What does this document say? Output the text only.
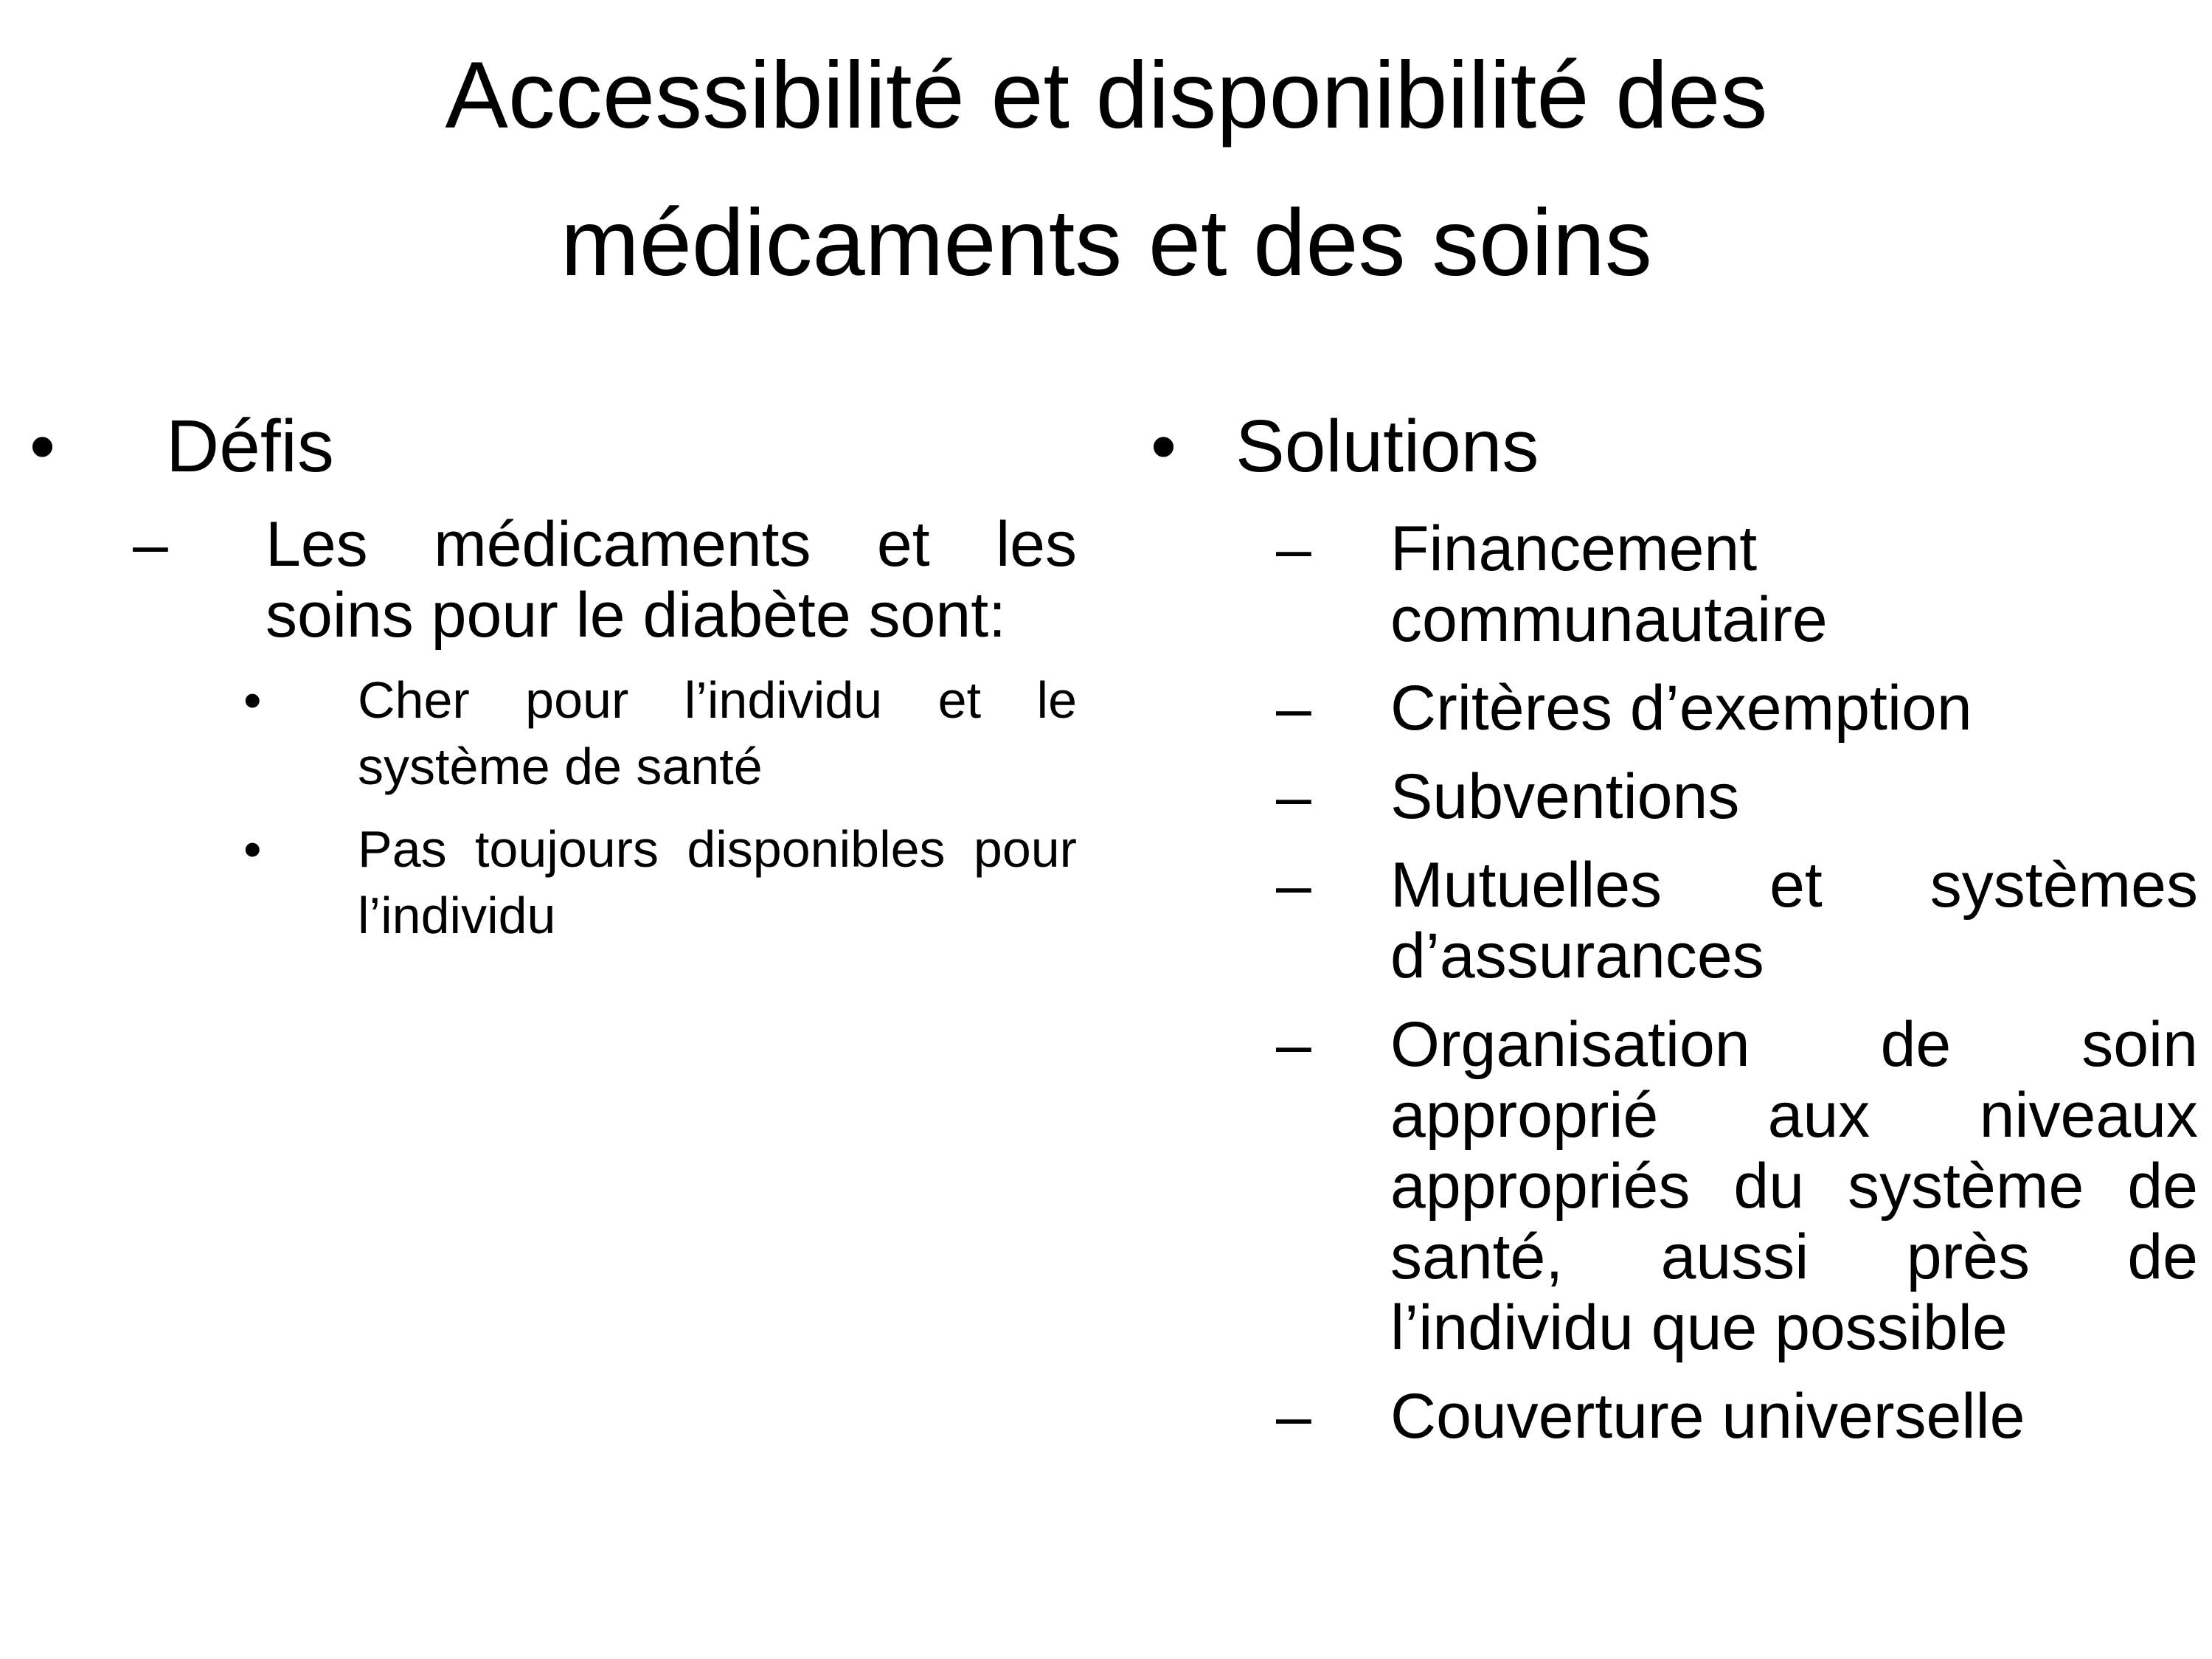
Accessibilité et disponibilité des
médicaments et des soins
•	Défis
– Les médicaments et les soins pour le diabète sont:
• Cher pour l’individu et le système de santé
• Pas toujours disponibles pour l’individu
• Solutions
– Financement communautaire
– Critères d’exemption
– Subventions
– Mutuelles et systèmes d’assurances
– Organisation de soin approprié aux niveaux appropriés du système de santé, aussi près de l’individu que possible
– Couverture universelle
